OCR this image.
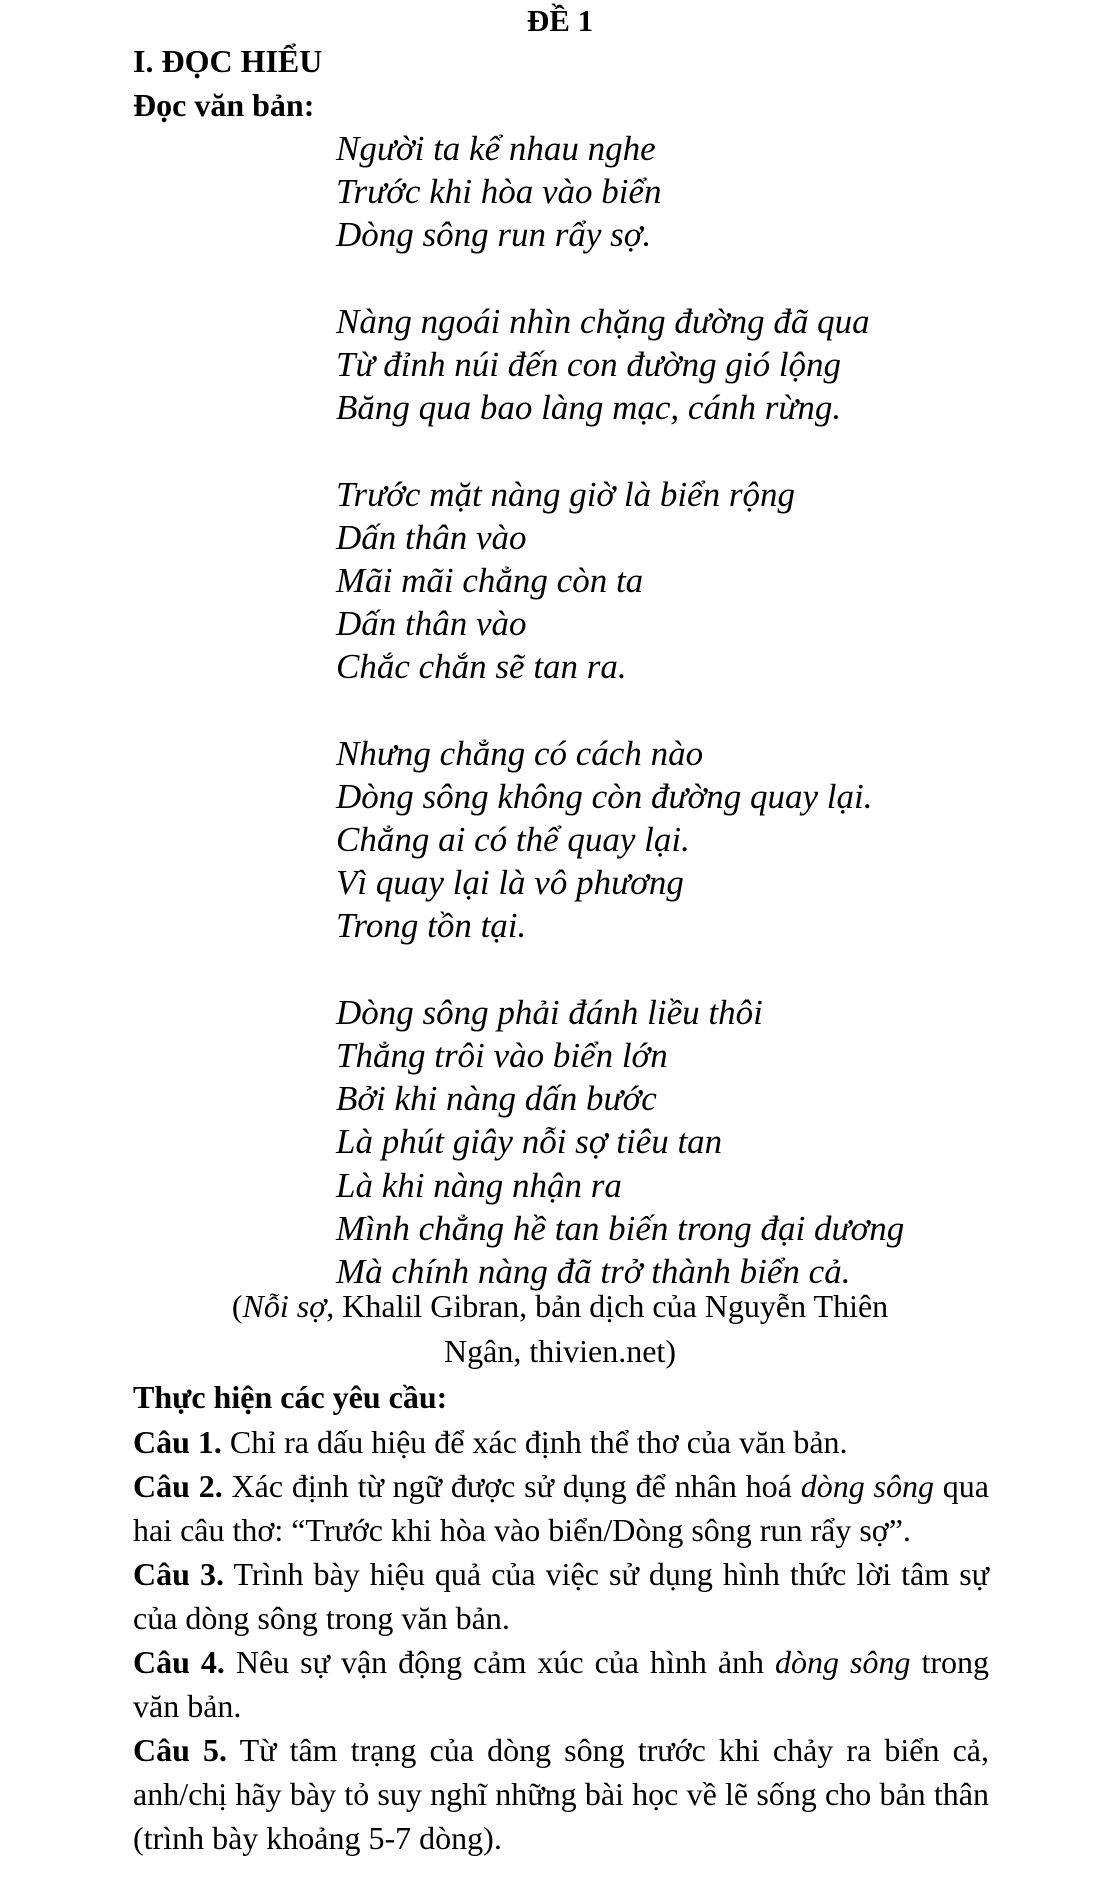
ĐỀ 1
I. ĐỌC HIỂU
Đọc văn bản:
Người ta kể nhau nghe
Trước khi hòa vào biển
Dòng sông run rẩy sợ.
Nàng ngoái nhìn chặng đường đã qua
Từ đỉnh núi đến con đường gió lộng
Băng qua bao làng mạc, cánh rừng.
Trước mặt nàng giờ là biển rộng
Dấn thân vào
Mãi mãi chẳng còn ta
Dấn thân vào
Chắc chắn sẽ tan ra.
Nhưng chẳng có cách nào
Dòng sông không còn đường quay lại.
Chẳng ai có thể quay lại.
Vì quay lại là vô phương
Trong tồn tại.
Dòng sông phải đánh liều thôi
Thẳng trôi vào biển lớn
Bởi khi nàng dấn bước
Là phút giây nỗi sợ tiêu tan
Là khi nàng nhận ra
Mình chẳng hề tan biến trong đại dương
Mà chính nàng đã trở thành biển cả.
(Nỗi sợ, Khalil Gibran, bản dịch của Nguyễn Thiên
Ngân, thivien.net)
Thực hiện các yêu cầu:

Câu 1. Chỉ ra dấu hiệu để xác định thể thơ của văn bản.

Câu 2. Xác định từ ngữ được sử dụng để nhân hoá dòng sông qua hai câu thơ: “Trước khi hòa vào biển/Dòng sông run rẩy sợ”.

Câu 3. Trình bày hiệu quả của việc sử dụng hình thức lời tâm sự của dòng sông trong văn bản.

Câu 4. Nêu sự vận động cảm xúc của hình ảnh dòng sông trong văn bản.

Câu 5. Từ tâm trạng của dòng sông trước khi chảy ra biển cả, anh/chị hãy bày tỏ suy nghĩ những bài học về lẽ sống cho bản thân (trình bày khoảng 5-7 dòng).
